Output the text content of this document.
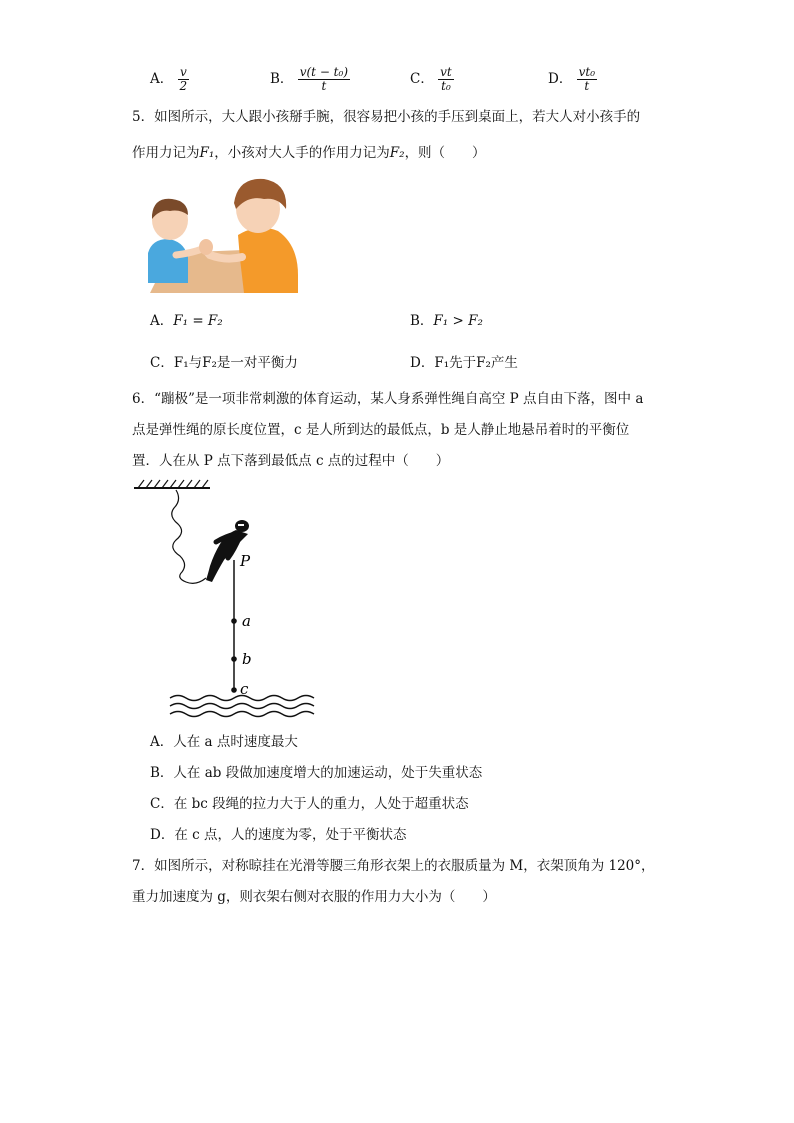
A． $\frac{v}{2}$	B． $\frac{\text{v(t − t₀)}}{t}$	C． $\frac{vt}{\text{t₀}}$	D． $\frac{\text{vt₀}}{t}$
5．如图所示，大人跟小孩掰手腕，很容易把小孩的手压到桌面上，若大人对小孩手的
作用力记为F₁，小孩对大人手的作用力记为F₂，则（　　）
A．F₁ = F₂	B．F₁ > F₂
C．F₁与F₂是一对平衡力	D．F₁先于F₂产生
6．“蹦极”是一项非常刺激的体育运动，某人身系弹性绳自高空 P 点自由下落，图中 a
点是弹性绳的原长度位置，c 是人所到达的最低点，b 是人静止地悬吊着时的平衡位
置．人在从 P 点下落到最低点 c 点的过程中（　　）
P
a
b
c
A．人在 a 点时速度最大
B．人在 ab 段做加速度增大的加速运动，处于失重状态
C．在 bc 段绳的拉力大于人的重力，人处于超重状态
D．在 c 点，人的速度为零，处于平衡状态
7．如图所示，对称晾挂在光滑等腰三角形衣架上的衣服质量为 M，衣架顶角为 120°，
重力加速度为 g，则衣架右侧对衣服的作用力大小为（　　）
